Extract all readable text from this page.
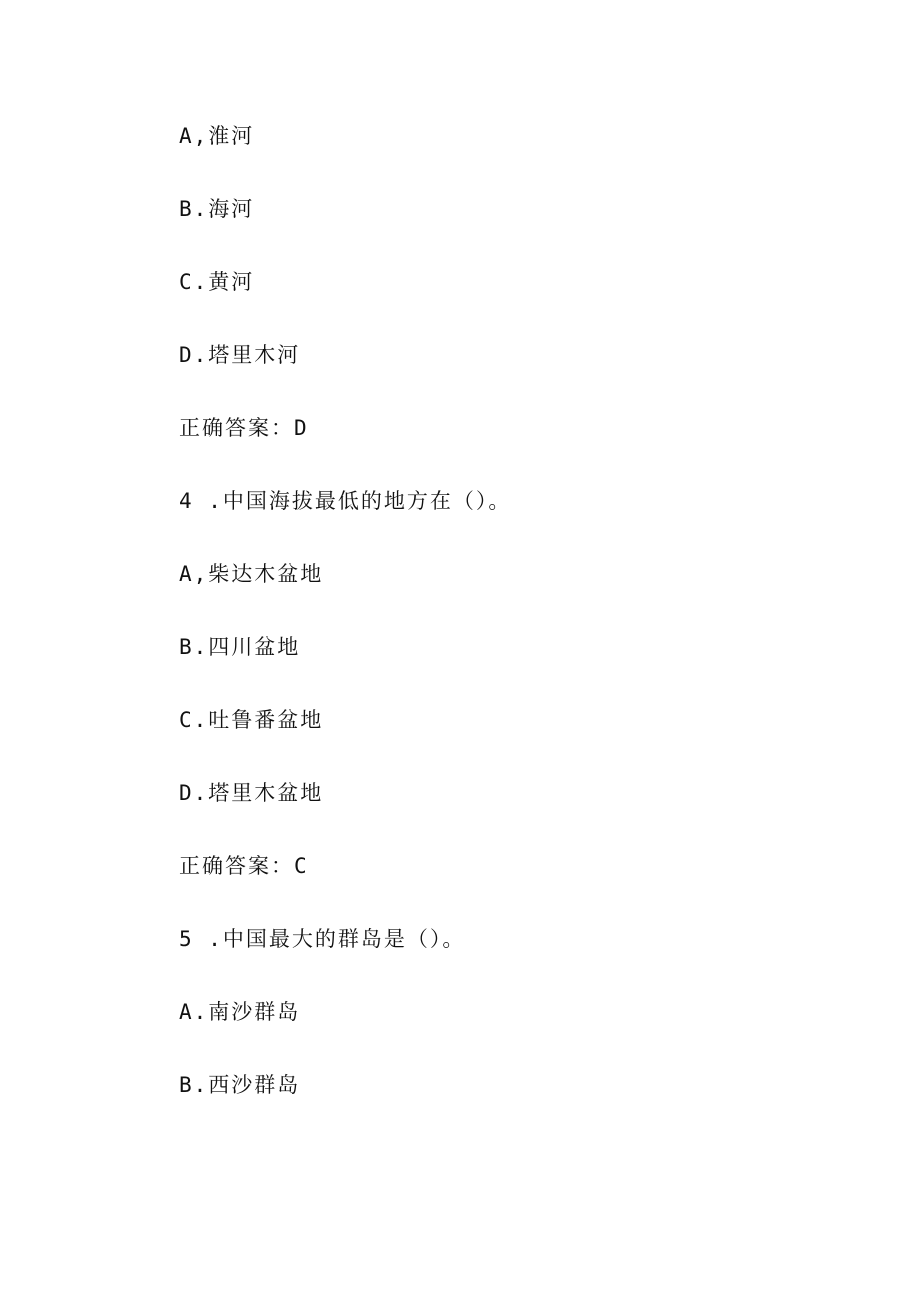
A,淮河
B.海河
C.黄河
D.塔里木河
正确答案：D
4 .中国海拔最低的地方在（）。
A,柴达木盆地
B.四川盆地
C.吐鲁番盆地
D.塔里木盆地
正确答案：C
5 .中国最大的群岛是（）。
A.南沙群岛
B.西沙群岛
